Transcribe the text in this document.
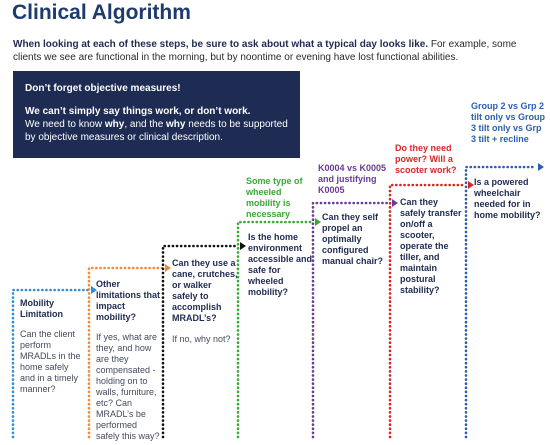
Clinical Algorithm
When looking at each of these steps, be sure to ask about what a typical day looks like. For example, some clients we see are functional in the morning, but by noontime or evening have lost functional abilities.
Don’t forget objective measures!
We can’t simply say things work, or don’t work.
We need to know why, and the why needs to be supported by objective measures or clinical description.
Mobility Limitation
Can the client perform MRADLs in the home safely and in a timely manner?
Other limitations that impact mobility?
If yes, what are they, and how are they compensated - holding on to walls, furniture, etc? Can MRADL’s be performed safely this way?
Can they use a cane, crutches, or walker safely to accomplish MRADL’s?
If no, why not?
Some type of wheeled mobility is necessary
Is the home environment accessible and safe for wheeled mobility?
K0004 vs K0005 and justifying K0005
Can they self propel an optimally configured manual chair?
Do they need power? Will a scooter work?
Can they safely transfer on/off a scooter, operate the tiller, and maintain postural stability?
Group 2 vs Grp 2 tilt only vs Group 3 tilt only vs Grp 3 tilt + recline
Is a powered wheelchair needed for in home mobility?
